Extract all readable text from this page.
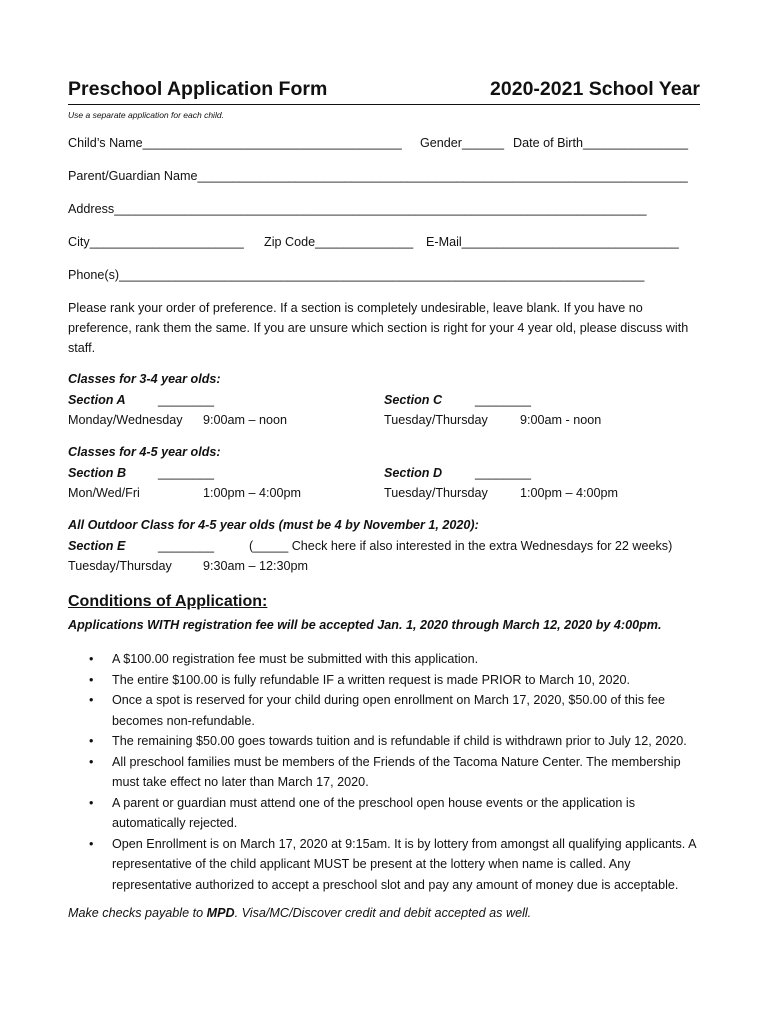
Preschool Application Form	2020-2021 School Year
Use a separate application for each child.
Child’s Name_____________________________________ Gender______ Date of Birth_______________
Parent/Guardian Name______________________________________________________________________
Address____________________________________________________________________________
City______________________ Zip Code______________ E-Mail_______________________________
Phone(s)___________________________________________________________________________
Please rank your order of preference. If a section is completely undesirable, leave blank. If you have no preference, rank them the same. If you are unsure which section is right for your 4 year old, please discuss with staff.
Classes for 3-4 year olds:
Section A	________
Monday/Wednesday 9:00am – noon
Section C	________
Tuesday/Thursday	9:00am - noon
Classes for 4-5 year olds:
Section B	________
Mon/Wed/Fri	1:00pm – 4:00pm
Section D	________
Tuesday/Thursday	1:00pm – 4:00pm
All Outdoor Class for 4-5 year olds (must be 4 by November 1, 2020):
Section E	________	(_____ Check here if also interested in the extra Wednesdays for 22 weeks)
Tuesday/Thursday 9:30am – 12:30pm
Conditions of Application:
Applications WITH registration fee will be accepted Jan. 1, 2020 through March 12, 2020 by 4:00pm.
• A $100.00 registration fee must be submitted with this application.
• The entire $100.00 is fully refundable IF a written request is made PRIOR to March 10, 2020.
• Once a spot is reserved for your child during open enrollment on March 17, 2020, $50.00 of this fee becomes non-refundable.
• The remaining $50.00 goes towards tuition and is refundable if child is withdrawn prior to July 12, 2020.
• All preschool families must be members of the Friends of the Tacoma Nature Center. The membership must take effect no later than March 17, 2020.
• A parent or guardian must attend one of the preschool open house events or the application is automatically rejected.
• Open Enrollment is on March 17, 2020 at 9:15am. It is by lottery from amongst all qualifying applicants. A representative of the child applicant MUST be present at the lottery when name is called. Any representative authorized to accept a preschool slot and pay any amount of money due is acceptable.
Make checks payable to MPD. Visa/MC/Discover credit and debit accepted as well.
